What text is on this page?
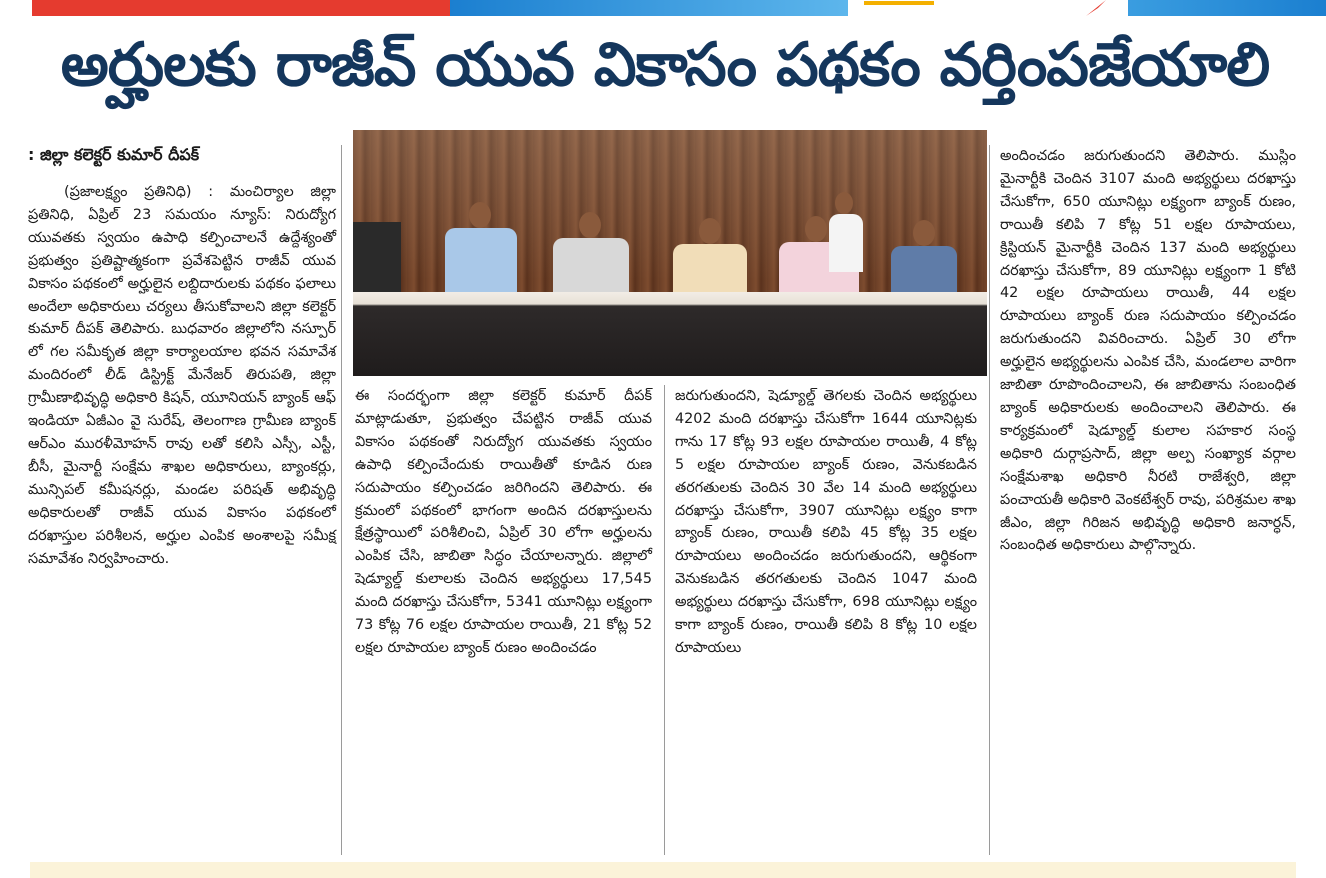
అర్హులకు రాజీవ్ యువ వికాసం పథకం వర్తింపజేయాలి
: జిల్లా కలెక్టర్ కుమార్ దీపక్

(ప్రజాలక్ష్యం ప్రతినిధి) : మంచిర్యాల జిల్లా ప్రతినిధి, ఏప్రిల్ 23 సమయం న్యూస్: నిరుద్యోగ యువతకు స్వయం ఉపాధి కల్పించాలనే ఉద్దేశ్యంతో ప్రభుత్వం ప్రతిష్టాత్మకంగా ప్రవేశపెట్టిన రాజీవ్ యువ వికాసం పథకంలో అర్హులైన లబ్దిదారులకు పథకం ఫలాలు అందేలా అధికారులు చర్యలు తీసుకోవాలని జిల్లా కలెక్టర్ కుమార్ దీపక్ తెలిపారు. బుధవారం జిల్లాలోని నస్పూర్ లో గల సమీకృత జిల్లా కార్యాలయాల భవన సమావేశ మందిరంలో లీడ్ డిస్ట్రిక్ట్ మేనేజర్ తిరుపతి, జిల్లా గ్రామీణాభివృద్ధి అధికారి కిషన్, యూనియన్ బ్యాంక్ ఆఫ్ ఇండియా ఏజీఎం వై సురేష్, తెలంగాణ గ్రామీణ బ్యాంక్ ఆర్ఎం మురళీమోహన్ రావు లతో కలిసి ఎస్సీ, ఎస్టీ, బీసీ, మైనార్టీ సంక్షేమ శాఖల అధికారులు, బ్యాంకర్లు, మున్సిపల్ కమీషనర్లు, మండల పరిషత్ అభివృద్ధి అధికారులతో రాజీవ్ యువ వికాసం పథకంలో దరఖాస్తుల పరిశీలన, అర్హుల ఎంపిక అంశాలపై సమీక్ష సమావేశం నిర్వహించారు.

ఈ సందర్భంగా జిల్లా కలెక్టర్ కుమార్ దీపక్ మాట్లాడుతూ, ప్రభుత్వం చేపట్టిన రాజీవ్ యువ వికాసం పథకంతో నిరుద్యోగ యువతకు స్వయం ఉపాధి కల్పించేందుకు రాయితీతో కూడిన రుణ సదుపాయం కల్పించడం జరిగిందని తెలిపారు. ఈ క్రమంలో పథకంలో భాగంగా అందిన దరఖాస్తులను క్షేత్రస్థాయిలో పరిశీలించి, ఏప్రిల్ 30 లోగా అర్హులను ఎంపిక చేసి, జాబితా సిద్ధం చేయాలన్నారు. జిల్లాలో షెడ్యూల్డ్ కులాలకు చెందిన అభ్యర్థులు 17,545 మంది దరఖాస్తు చేసుకోగా, 5341 యూనిట్లు లక్ష్యంగా 73 కోట్ల 76 లక్షల రూపాయల రాయితీ, 21 కోట్ల 52 లక్షల రూపాయల బ్యాంక్ రుణం అందించడం

జరుగుతుందని, షెడ్యూల్డ్ తెగలకు చెందిన అభ్యర్థులు 4202 మంది దరఖాస్తు చేసుకోగా 1644 యూనిట్లకు గాను 17 కోట్ల 93 లక్షల రూపాయల రాయితీ, 4 కోట్ల 5 లక్షల రూపాయల బ్యాంక్ రుణం, వెనుకబడిన తరగతులకు చెందిన 30 వేల 14 మంది అభ్యర్థులు దరఖాస్తు చేసుకోగా, 3907 యూనిట్లు లక్ష్యం కాగా బ్యాంక్ రుణం, రాయితీ కలిపి 45 కోట్ల 35 లక్షల రూపాయలు అందించడం జరుగుతుందని, ఆర్థికంగా వెనుకబడిన తరగతులకు చెందిన 1047 మంది అభ్యర్థులు దరఖాస్తు చేసుకోగా, 698 యూనిట్లు లక్ష్యం కాగా బ్యాంక్ రుణం, రాయితీ కలిపి 8 కోట్ల 10 లక్షల రూపాయలు

అందించడం జరుగుతుందని తెలిపారు. ముస్లిం మైనార్టీకి చెందిన 3107 మంది అభ్యర్థులు దరఖాస్తు చేసుకోగా, 650 యూనిట్లు లక్ష్యంగా బ్యాంక్ రుణం, రాయితీ కలిపి 7 కోట్ల 51 లక్షల రూపాయలు, క్రిస్టియన్ మైనార్టీకి చెందిన 137 మంది అభ్యర్థులు దరఖాస్తు చేసుకోగా, 89 యూనిట్లు లక్ష్యంగా 1 కోటి 42 లక్షల రూపాయలు రాయితీ, 44 లక్షల రూపాయలు బ్యాంక్ రుణ సదుపాయం కల్పించడం జరుగుతుందని వివరించారు. ఏప్రిల్ 30 లోగా అర్హులైన అభ్యర్థులను ఎంపిక చేసి, మండలాల వారిగా జాబితా రూపొందించాలని, ఈ జాబితాను సంబంధిత బ్యాంక్ అధికారులకు అందించాలని తెలిపారు. ఈ కార్యక్రమంలో షెడ్యూల్డ్ కులాల సహకార సంస్థ అధికారి దుర్గాప్రసాద్, జిల్లా అల్ప సంఖ్యాక వర్గాల సంక్షేమశాఖ అధికారి నీరటి రాజేశ్వరి, జిల్లా పంచాయతీ అధికారి వెంకటేశ్వర్ రావు, పరిశ్రమల శాఖ జీఎం, జిల్లా గిరిజన అభివృద్ధి అధికారి జనార్ధన్, సంబంధిత అధికారులు పాల్గొన్నారు.
